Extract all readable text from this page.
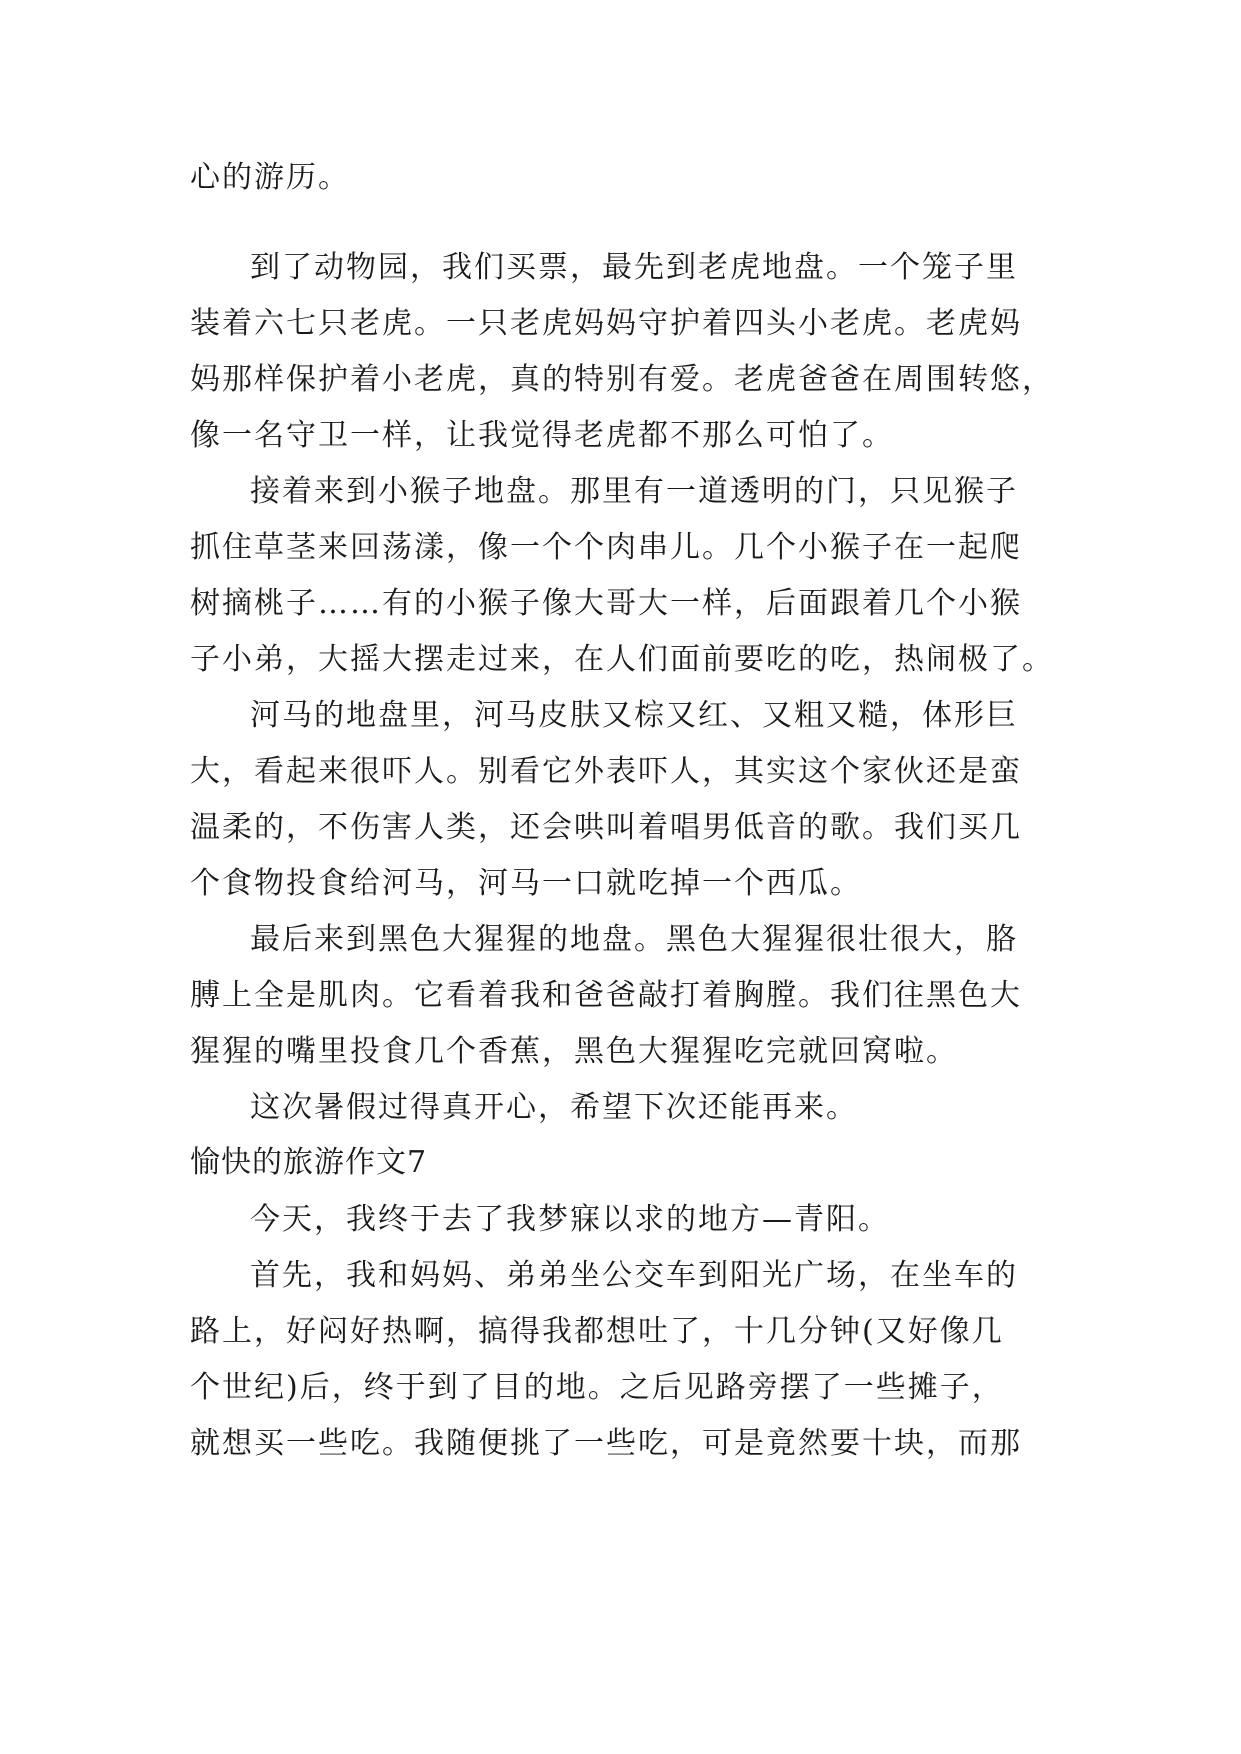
心的游历。
到了动物园，我们买票，最先到老虎地盘。一个笼子里
装着六七只老虎。一只老虎妈妈守护着四头小老虎。老虎妈
妈那样保护着小老虎，真的特别有爱。老虎爸爸在周围转悠，
像一名守卫一样，让我觉得老虎都不那么可怕了。
接着来到小猴子地盘。那里有一道透明的门，只见猴子
抓住草茎来回荡漾，像一个个肉串儿。几个小猴子在一起爬
树摘桃子……有的小猴子像大哥大一样，后面跟着几个小猴
子小弟，大摇大摆走过来，在人们面前要吃的吃，热闹极了。
河马的地盘里，河马皮肤又棕又红、又粗又糙，体形巨
大，看起来很吓人。别看它外表吓人，其实这个家伙还是蛮
温柔的，不伤害人类，还会哄叫着唱男低音的歌。我们买几
个食物投食给河马，河马一口就吃掉一个西瓜。
最后来到黑色大猩猩的地盘。黑色大猩猩很壮很大，胳
膊上全是肌肉。它看着我和爸爸敲打着胸膛。我们往黑色大
猩猩的嘴里投食几个香蕉，黑色大猩猩吃完就回窝啦。
这次暑假过得真开心，希望下次还能再来。
愉快的旅游作文7
今天，我终于去了我梦寐以求的地方—青阳。
首先，我和妈妈、弟弟坐公交车到阳光广场，在坐车的
路上，好闷好热啊，搞得我都想吐了，十几分钟(又好像几
个世纪)后，终于到了目的地。之后见路旁摆了一些摊子，
就想买一些吃。我随便挑了一些吃，可是竟然要十块，而那
